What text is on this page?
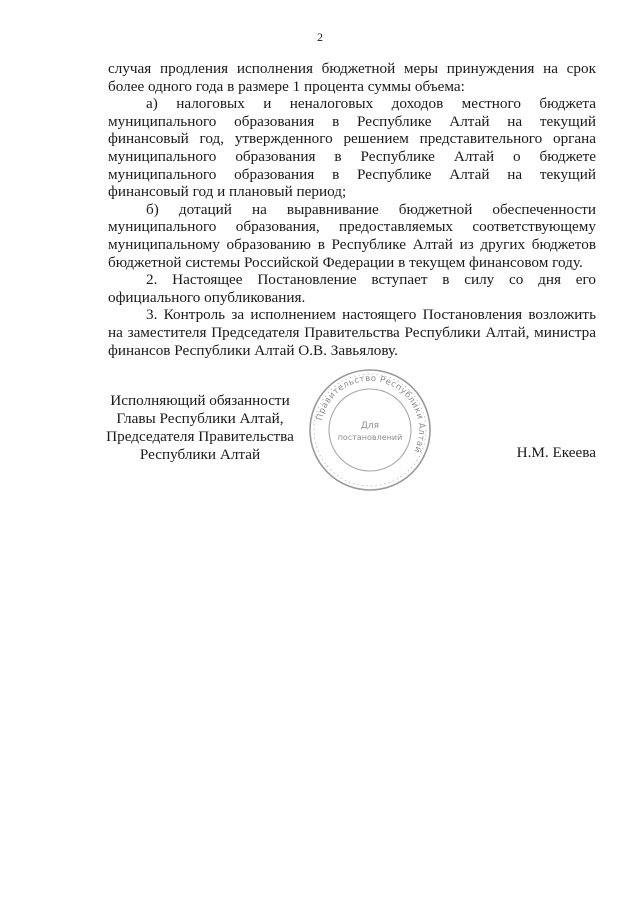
2

случая продления исполнения бюджетной меры принуждения на срок более одного года в размере 1 процента суммы объема:

а) налоговых и неналоговых доходов местного бюджета муниципального образования в Республике Алтай на текущий финансовый год, утвержденного решением представительного органа муниципального образования в Республике Алтай о бюджете муниципального образования в Республике Алтай на текущий финансовый год и плановый период;

б) дотаций на выравнивание бюджетной обеспеченности муниципального образования, предоставляемых соответствующему муниципальному образованию в Республике Алтай из других бюджетов бюджетной системы Российской Федерации в текущем финансовом году.

2. Настоящее Постановление вступает в силу со дня его официального опубликования.

3. Контроль за исполнением настоящего Постановления возложить на заместителя Председателя Правительства Республики Алтай, министра финансов Республики Алтай О.В. Завьялову.

Исполняющий обязанности
Главы Республики Алтай,
Председателя Правительства
Республики Алтай
Правительство Республики Алтай
Для
постановлений
Н.М. Екеева
